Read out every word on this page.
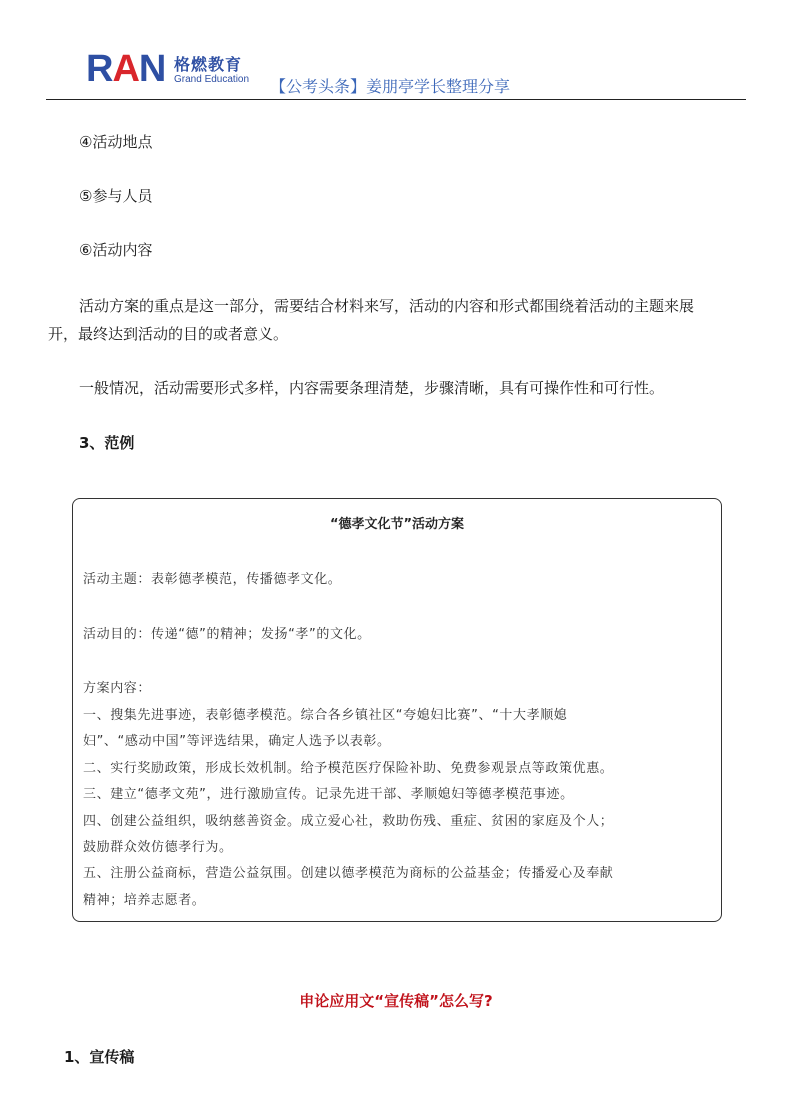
RAN 格燃教育
Grand Education 【公考头条】姜朋亭学长整理分享
④活动地点
⑤参与人员
⑥活动内容
活动方案的重点是这一部分，需要结合材料来写，活动的内容和形式都围绕着活动的主题来展
开，最终达到活动的目的或者意义。
一般情况，活动需要形式多样，内容需要条理清楚，步骤清晰，具有可操作性和可行性。
3、范例
“德孝文化节”活动方案
活动主题：表彰德孝模范，传播德孝文化。
活动目的：传递“德”的精神；发扬“孝”的文化。
方案内容：
一、搜集先进事迹，表彰德孝模范。综合各乡镇社区“夸媳妇比赛”、“十大孝顺媳
妇”、“感动中国”等评选结果，确定人选予以表彰。
二、实行奖励政策，形成长效机制。给予模范医疗保险补助、免费参观景点等政策优惠。
三、建立“德孝文苑”，进行激励宣传。记录先进干部、孝顺媳妇等德孝模范事迹。
四、创建公益组织，吸纳慈善资金。成立爱心社，救助伤残、重症、贫困的家庭及个人；
鼓励群众效仿德孝行为。
五、注册公益商标，营造公益氛围。创建以德孝模范为商标的公益基金；传播爱心及奉献
精神；培养志愿者。
申论应用文“宣传稿”怎么写?
1、宣传稿
